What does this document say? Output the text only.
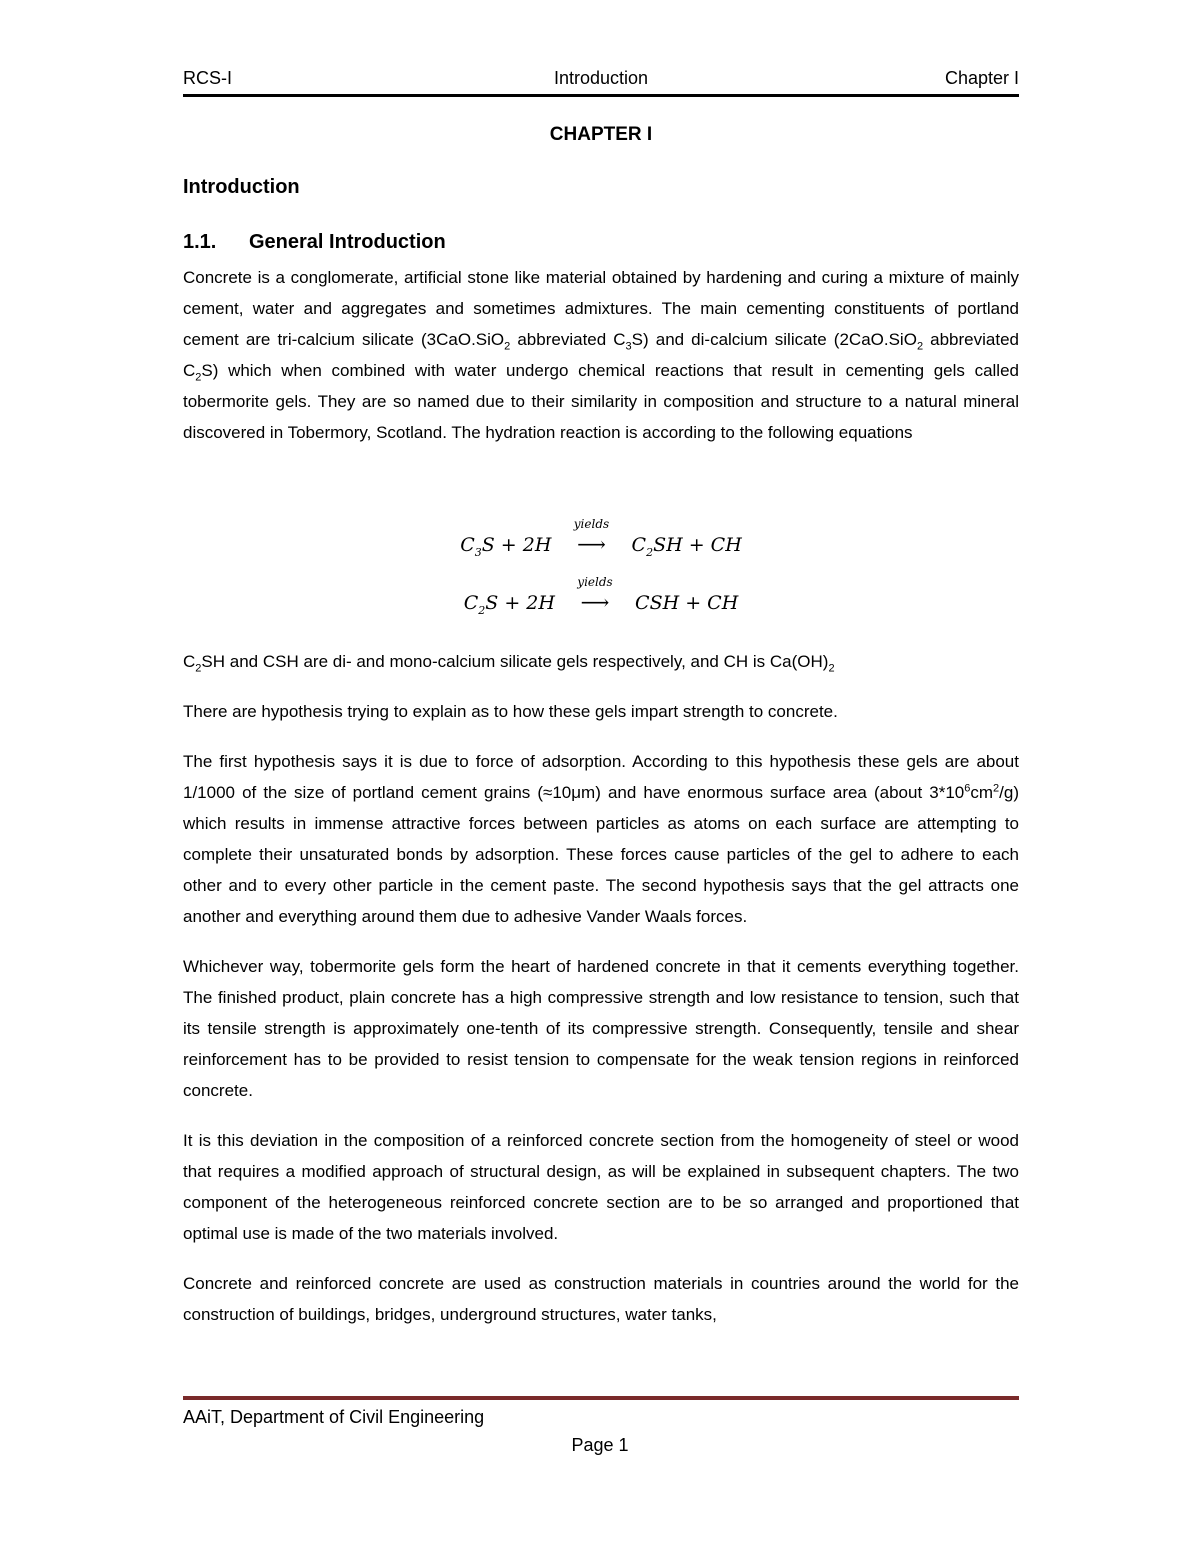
RCS-I	Introduction	Chapter I
CHAPTER I
Introduction
1.1. General Introduction

Concrete is a conglomerate, artificial stone like material obtained by hardening and curing a mixture of mainly cement, water and aggregates and sometimes admixtures. The main cementing constituents of portland cement are tri-calcium silicate (3CaO.SiO$_2$ abbreviated $C_3S$) and di-calcium silicate (2CaO.SiO$_2$ abbreviated $C_2S$) which when combined with water undergo chemical reactions that result in cementing gels called tobermorite gels. They are so named due to their similarity in composition and structure to a natural mineral discovered in Tobermory, Scotland. The hydration reaction is according to the following equations

$C_3S + 2H$
yields
⟶ $C_2SH$ + CH
$C_2S + 2H$
yields
⟶ CSH + CH

$C_2SH$ and CSH are di- and mono-calcium silicate gels respectively, and CH is $Ca(OH)_2$

There are hypothesis trying to explain as to how these gels impart strength to concrete.

The first hypothesis says it is due to force of adsorption. According to this hypothesis these gels are about 1/1000 of the size of portland cement grains (≈10μm) and have enormous surface area (about $3*10^6cm^2/g$) which results in immense attractive forces between particles as atoms on each surface are attempting to complete their unsaturated bonds by adsorption. These forces cause particles of the gel to adhere to each other and to every other particle in the cement paste. The second hypothesis says that the gel attracts one another and everything around them due to adhesive Vander Waals forces.

Whichever way, tobermorite gels form the heart of hardened concrete in that it cements everything together. The finished product, plain concrete has a high compressive strength and low resistance to tension, such that its tensile strength is approximately one-tenth of its compressive strength. Consequently, tensile and shear reinforcement has to be provided to resist tension to compensate for the weak tension regions in reinforced concrete.

It is this deviation in the composition of a reinforced concrete section from the homogeneity of steel or wood that requires a modified approach of structural design, as will be explained in subsequent chapters. The two component of the heterogeneous reinforced concrete section are to be so arranged and proportioned that optimal use is made of the two materials involved.

Concrete and reinforced concrete are used as construction materials in countries around the world for the construction of buildings, bridges, underground structures, water tanks,

AAiT, Department of Civil Engineering
Page 1
